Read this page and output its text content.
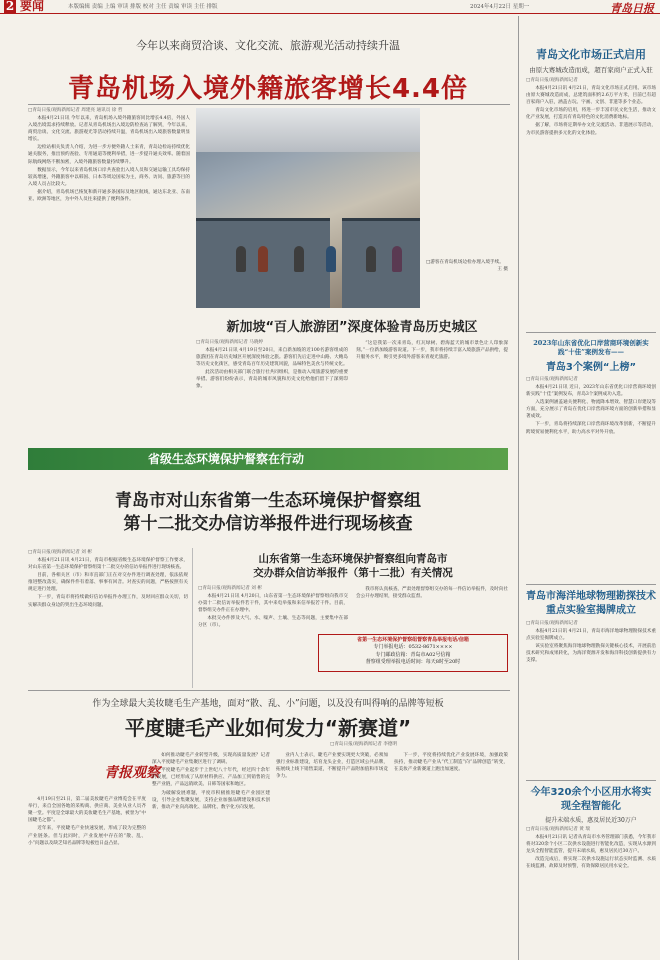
2 要闻	本版编辑 责编 上编 审读 排版 校对 主任 责编 审读 主任 排版	2024年4月22日 星期一	青岛日报
今年以来商贸洽谈、文化交流、旅游观光活动持续升温
青岛机场入境外籍旅客增长4.4倍
□青岛日报/观海新闻记者 周建亮 通讯员 徐 哲

本报4月21日讯 今年以来，青岛机场入境外籍旅客同比增长4.4倍，外国人入境出境需求持续释放。记者从青岛机场出入境边防检查站了解到，今年以来，商贸洽谈、文化交流、旅游观光等活动持续升温，青岛机场出入境旅客数量明显增长。

边检站相关负责人介绍，为进一步方便外籍人士来青，青岛边检站持续优化通关服务，推出预约查验、专用通道等便利举措，进一步提升通关效率。随着国际航线网络不断加密，入境外籍旅客数量持续攀升。

数据显示，今年以来青岛机场口岸共查验出入境人员和交通运输工具均保持较高增速，外籍旅客中以韩国、日本等周边国家为主，商务、访问、旅游等目的入境人员占比较大。

据介绍，青岛机场已恢复和新开通多条国际及地区航线，通达东北亚、东南亚、欧洲等地区，为中外人员往来提供了便利条件。

□游客在青岛机场边检办理入境手续。
王 摄
新加坡“百人旅游团”深度体验青岛历史城区
□青岛日报/观海新闻记者 马晓婷

本报4月21日讯 4月19日至20日，来自新加坡的近100名游客组成的旅游团在青岛历史城区开展深度体验之旅。游客们先后走进中山路、大鲍岛等历史文化街区，感受青岛百年历史建筑风貌，品味特色美食与传统文化。

此次活动由相关部门联合旅行社共同组织，是推动入境旅游发展的重要举措。游客们纷纷表示，青岛的城市风貌和历史文化给他们留下了深刻印象。

“这是我第一次来青岛，红瓦绿树、碧海蓝天的城市景色让人印象深刻。”一位新加坡游客说道。下一步，我市将持续丰富入境旅游产品供给，提升服务水平，吸引更多境外游客来青观光旅游。

省级生态环境保护督察在行动
青岛市对山东省第一生态环境保护督察组
第十二批交办信访举报件进行现场核查
□青岛日报/观海新闻记者 刘 彬

本报4月21日讯 4月21日，青岛市根据省级生态环境保护督察工作要求，对山东省第一生态环境保护督察组第十二批交办的信访举报件进行现场核查。

目前，各相关区（市）和市直部门正在对交办件进行调查处理，依法依规推进整改落实，确保件件有着落、事事有回音。对查实的问题，严格按照有关规定进行处理。

下一步，青岛市将持续做好信访举报件办理工作，及时回应群众关切，切实解决群众身边的突出生态环境问题。

山东省第一生态环境保护督察组向青岛市
交办群众信访举报件（第十二批）有关情况
□青岛日报/观海新闻记者 刘 彬

本报4月21日讯 4月20日，山东省第一生态环境保护督察组向我市交办第十二批信访举报件若干件，其中来电举报和来信举报若干件。目前，督察组交办件正在办理中。

本批交办件涉及大气、水、噪声、土壤、生态等问题，主要集中在部分区（市）。

我市将认真核查、严肃处理督察组交办的每一件信访举报件，及时向社会公开办理结果，接受群众监督。

省第一生态环境保护督察组督察青岛举报电话/信箱
专门举报电话：0532-8671××××
专门邮政信箱：青岛市A02号信箱
督察组受理举报电话时间：每天8时至20时
作为全球最大美妆睫毛生产基地，面对“散、乱、小”问题，以及没有叫得响的品牌等短板
平度睫毛产业如何发力“新赛道”
□青岛日报/观海新闻记者 李德明
青报观察

4月19日至21日，第二届美妆睫毛产业博览会在平度举行，来自全国各地的采购商、供应商、美业从业人员齐聚一堂。平度是全球最大的美妆睫毛生产基地，被誉为“中国睫毛之都”。

近年来，平度睫毛产业快速发展，形成了较为完整的产业链条。但与此同时，产业发展中存在的“散、乱、小”问题以及缺乏知名品牌等短板也日益凸显。

如何推动睫毛产业转型升级，实现高质量发展？记者深入平度睫毛产业集聚区进行了调研。

平度睫毛产业起步于上世纪八十年代，经过四十余年的发展，已经形成了从原材料供应、产品加工到销售的完整产业链，产品远销欧美、日韩等国家和地区。

为破解发展难题，平度市积极推进睫毛产业园区建设，引导企业集聚发展，支持企业加强品牌建设和技术创新，推动产业向高端化、品牌化、数字化方向发展。

业内人士表示，睫毛产业要实现更大突破，必须加强行业标准建设，培育龙头企业，打造区域公共品牌，拓展线上线下销售渠道，不断提升产品附加值和市场竞争力。

下一步，平度将持续优化产业发展环境，加强政策扶持，推动睫毛产业从“代工制造”向“品牌创造”转变，在美妆产业新赛道上跑出加速度。

青岛文化市场正式启用
由原大赛城改造而成，超百家商户正式入驻
□青岛日报/观海新闻记者

本报4月21日讯 4月21日，青岛文化市场正式启用。该市场由原大赛城改造而成，总建筑面积约2.6万平方米，目前已有超百家商户入驻，涵盖古玩、字画、文创、非遗等多个业态。

青岛文化市场的启用，将进一步丰富市民文化生活，推动文化产业发展，打造具有青岛特色的文化消费新地标。

据了解，市场将定期举办文化交流活动、非遗展示等活动，为市民游客提供多元化的文化体验。

2023年山东省优化口岸营商环境创新实践“十佳”案例发布——
青岛3个案例“上榜”
□青岛日报/观海新闻记者

本报4月21日讯 近日，2023年山东省优化口岸营商环境创新实践“十佳”案例发布，青岛3个案例成功入选。

入选案例涵盖通关便利化、物流降本增效、智慧口岸建设等方面，充分展示了青岛在优化口岸营商环境方面的创新举措和显著成效。

下一步，青岛将持续深化口岸营商环境改革创新，不断提升跨境贸易便利化水平，助力高水平对外开放。

青岛市海洋地球物理勘探技术重点实验室揭牌成立
□青岛日报/观海新闻记者

本报4月21日讯 4月21日，青岛市海洋地球物理勘探技术重点实验室揭牌成立。

该实验室将聚焦海洋地球物理勘探关键核心技术，开展前沿技术研究和成果转化，为海洋资源开发和海洋科技创新提供有力支撑。

今年320余个小区用水将实现全程智能化
提升末端水质，惠及居民近30万户
□青岛日报/观海新闻记者 黄 瑞

本报4月21日讯 记者从青岛市水务管理部门获悉，今年我市将对320余个小区二次供水设施进行智能化改造，实现从水源到龙头全程智能监管，提升末端水质，惠及居民近30万户。

改造完成后，将实现二次供水设施运行状态实时监测、水质在线监测、故障及时预警，有效保障居民用水安全。
